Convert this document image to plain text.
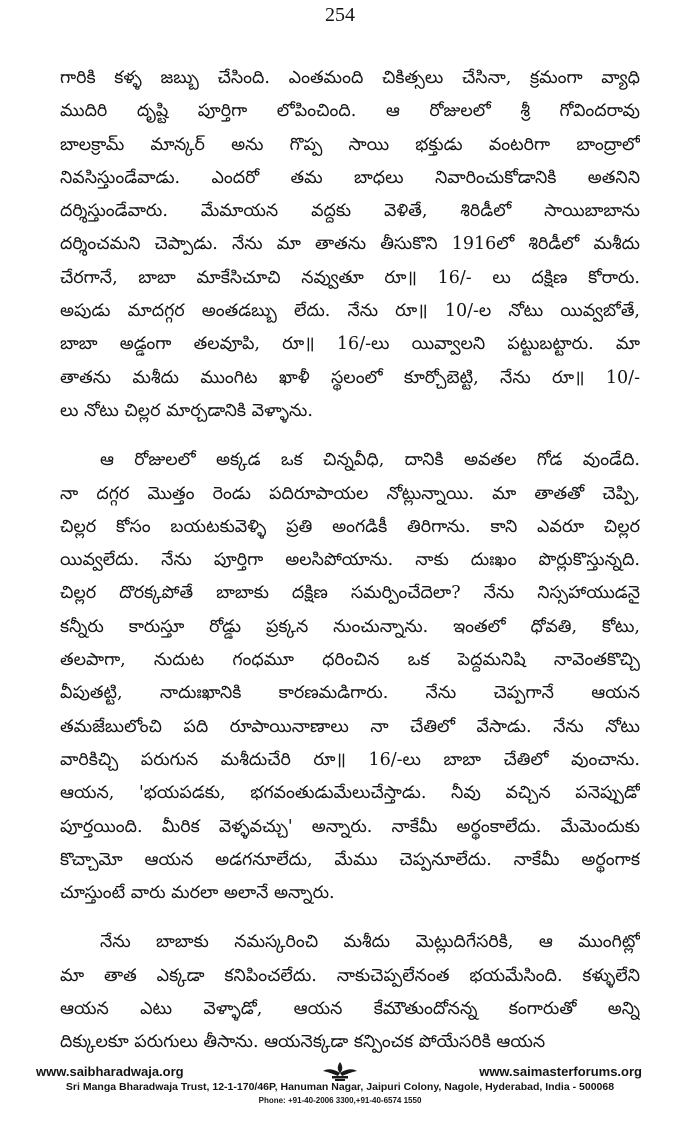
254
గారికి కళ్ళ జబ్బు చేసింది. ఎంతమంది చికిత్సలు చేసినా, క్రమంగా వ్యాధి
ముదిరి దృష్టి పూర్తిగా లోపించింది. ఆ రోజులలో శ్రీ గోవిందరావు
బాలక్రామ్ మాన్కర్ అను గొప్ప సాయి భక్తుడు వంటరిగా బాంద్రాలో
నివసిస్తుండేవాడు. ఎందరో తమ బాధలు నివారించుకోడానికి అతనిని
దర్శిస్తుండేవారు. మేమాయన వద్దకు వెళితే, శిరిడీలో సాయిబాబాను
దర్శించమని చెప్పాడు. నేను మా తాతను తీసుకొని 1916లో శిరిడీలో మశీదు
చేరగానే, బాబా మాకేసిచూచి నవ్వుతూ రూ॥ 16/- లు దక్షిణ కోరారు.
అపుడు మాదగ్గర అంతడబ్బు లేదు. నేను రూ॥ 10/-ల నోటు యివ్వబోతే,
బాబా అడ్డంగా తలవూపి, రూ॥ 16/-లు యివ్వాలని పట్టుబట్టారు. మా
తాతను మశీదు ముంగిట ఖాళీ స్థలంలో కూర్చోబెట్టి, నేను రూ॥ 10/-
లు నోటు చిల్లర మార్చడానికి వెళ్ళాను.
ఆ రోజులలో అక్కడ ఒక చిన్నవీధి, దానికి అవతల గోడ వుండేది.
నా దగ్గర మొత్తం రెండు పదిరూపాయల నోట్లున్నాయి. మా తాతతో చెప్పి,
చిల్లర కోసం బయటకువెళ్ళి ప్రతి అంగడికీ తిరిగాను. కాని ఎవరూ చిల్లర
యివ్వలేదు. నేను పూర్తిగా అలసిపోయాను. నాకు దుఃఖం పొర్లుకొస్తున్నది.
చిల్లర దొరక్కపోతే బాబాకు దక్షిణ సమర్పించేదెలా? నేను నిస్సహాయుడనై
కన్నీరు కారుస్తూ రోడ్డు ప్రక్కన నుంచున్నాను. ఇంతలో ధోవతి, కోటు,
తలపాగా, నుదుట గంధమూ ధరించిన ఒక పెద్దమనిషి నావెంతకొచ్చి
వీపుతట్టి, నాదుఃఖానికి కారణమడిగారు. నేను చెప్పగానే ఆయన
తమజేబులోంచి పది రూపాయినాణాలు నా చేతిలో వేసాడు. నేను నోటు
వారికిచ్చి పరుగున మశీదుచేరి రూ॥ 16/-లు బాబా చేతిలో వుంచాను.
ఆయన, 'భయపడకు, భగవంతుడుమేలుచేస్తాడు. నీవు వచ్చిన పనెప్పుడో
పూర్తయింది. మీరిక వెళ్ళవచ్చు' అన్నారు. నాకేమీ అర్థంకాలేదు. మేమెందుకు
కొచ్చామో ఆయన అడగనూలేదు, మేము చెప్పనూలేదు. నాకేమీ అర్థంగాక
చూస్తుంటే వారు మరలా అలానే అన్నారు.
నేను బాబాకు నమస్కరించి మశీదు మెట్లుదిగేసరికి, ఆ ముంగిట్లో
మా తాత ఎక్కడా కనిపించలేదు. నాకుచెప్పలేనంత భయమేసింది. కళ్ళులేని
ఆయన ఎటు వెళ్ళాడో, ఆయన కేమౌతుందోనన్న కంగారుతో అన్ని
దిక్కులకూ పరుగులు తీసాను. ఆయనెక్కడా కన్పించక పోయేసరికి ఆయన
www.saibharadwaja.org	www.saimasterforums.org
Sri Manga Bharadwaja Trust, 12-1-170/46P, Hanuman Nagar, Jaipuri Colony, Nagole, Hyderabad, India - 500068
Phone: +91-40-2006 3300,+91-40-6574 1550
